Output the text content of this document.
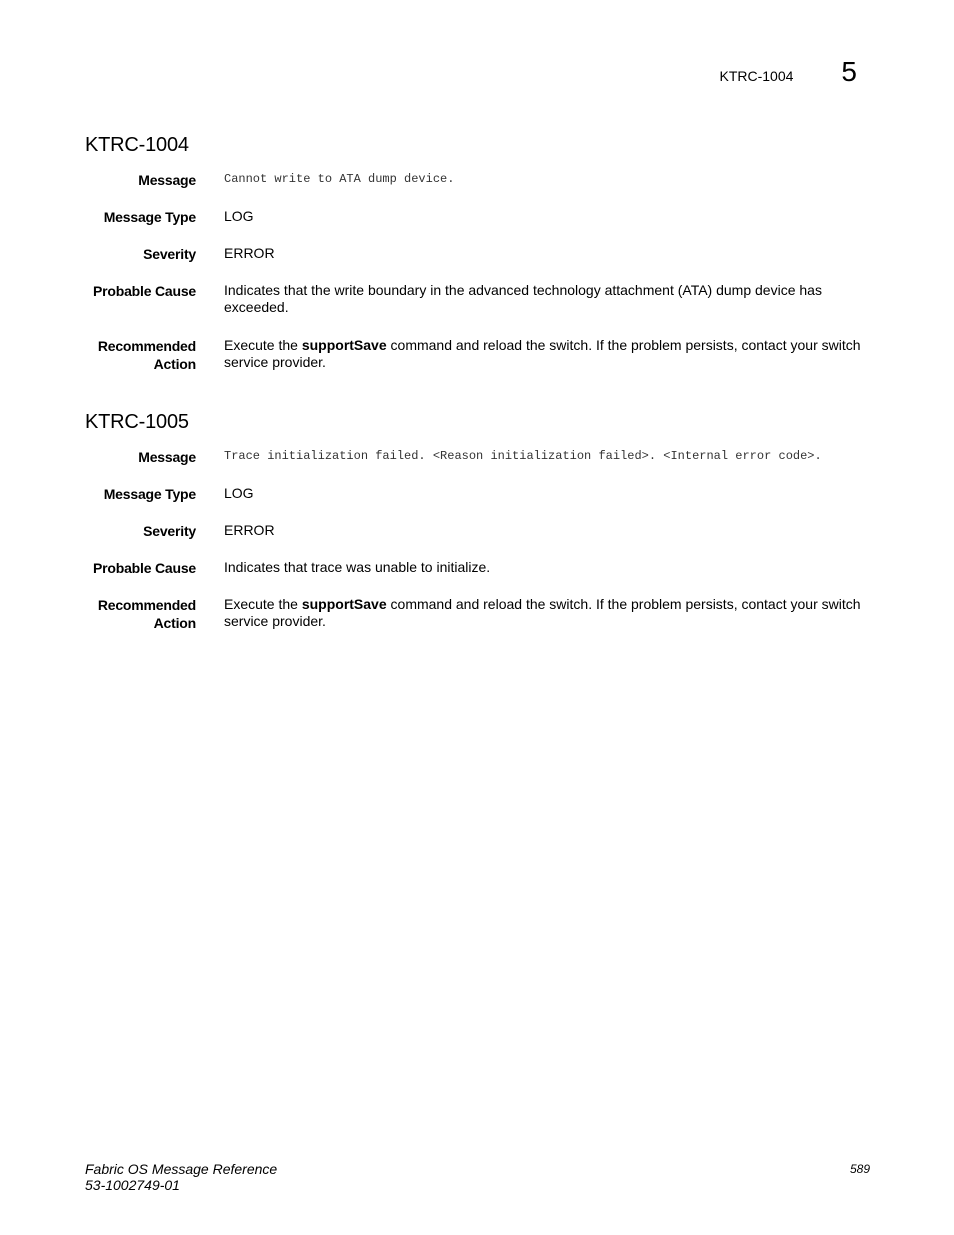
KTRC-1004 5
KTRC-1004
Message Cannot write to ATA dump device.
Message Type LOG
Severity ERROR
Probable Cause Indicates that the write boundary in the advanced technology attachment (ATA) dump device has exceeded.
Recommended
Action
Execute the supportSave command and reload the switch. If the problem persists, contact your switch service provider.
KTRC-1005
Message Trace initialization failed. <Reason initialization failed>. <Internal error code>.
Message Type LOG
Severity ERROR
Probable Cause Indicates that trace was unable to initialize.
Recommended
Action
Execute the supportSave command and reload the switch. If the problem persists, contact your switch service provider.
Fabric OS Message Reference
53-1002749-01
589
